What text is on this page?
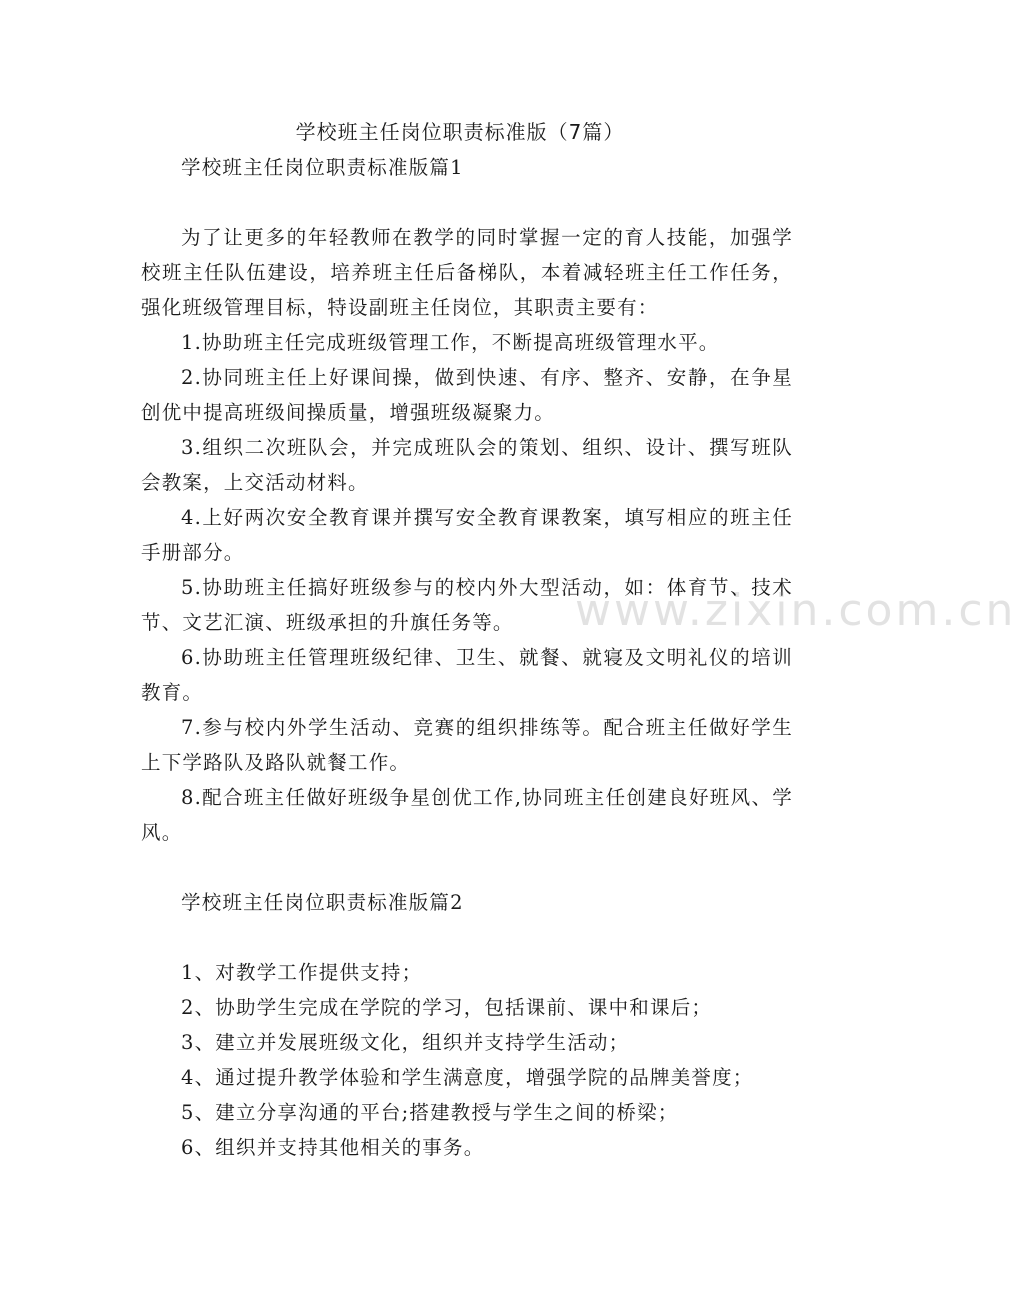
学校班主任岗位职责标准版（7篇）

学校班主任岗位职责标准版篇1

为了让更多的年轻教师在教学的同时掌握一定的育人技能，加强学校班主任队伍建设，培养班主任后备梯队，本着减轻班主任工作任务，强化班级管理目标，特设副班主任岗位，其职责主要有：

1.协助班主任完成班级管理工作，不断提高班级管理水平。

2.协同班主任上好课间操，做到快速、有序、整齐、安静，在争星创优中提高班级间操质量，增强班级凝聚力。

3.组织二次班队会，并完成班队会的策划、组织、设计、撰写班队会教案，上交活动材料。

4.上好两次安全教育课并撰写安全教育课教案，填写相应的班主任手册部分。

5.协助班主任搞好班级参与的校内外大型活动，如：体育节、技术节、文艺汇演、班级承担的升旗任务等。

6.协助班主任管理班级纪律、卫生、就餐、就寝及文明礼仪的培训教育。

7.参与校内外学生活动、竞赛的组织排练等。配合班主任做好学生上下学路队及路队就餐工作。

8.配合班主任做好班级争星创优工作,协同班主任创建良好班风、学风。

学校班主任岗位职责标准版篇2

1、对教学工作提供支持；

2、协助学生完成在学院的学习，包括课前、课中和课后；

3、建立并发展班级文化，组织并支持学生活动；

4、通过提升教学体验和学生满意度，增强学院的品牌美誉度；

5、建立分享沟通的平台;搭建教授与学生之间的桥梁；

6、组织并支持其他相关的事务。

www.zixin.com.cn
